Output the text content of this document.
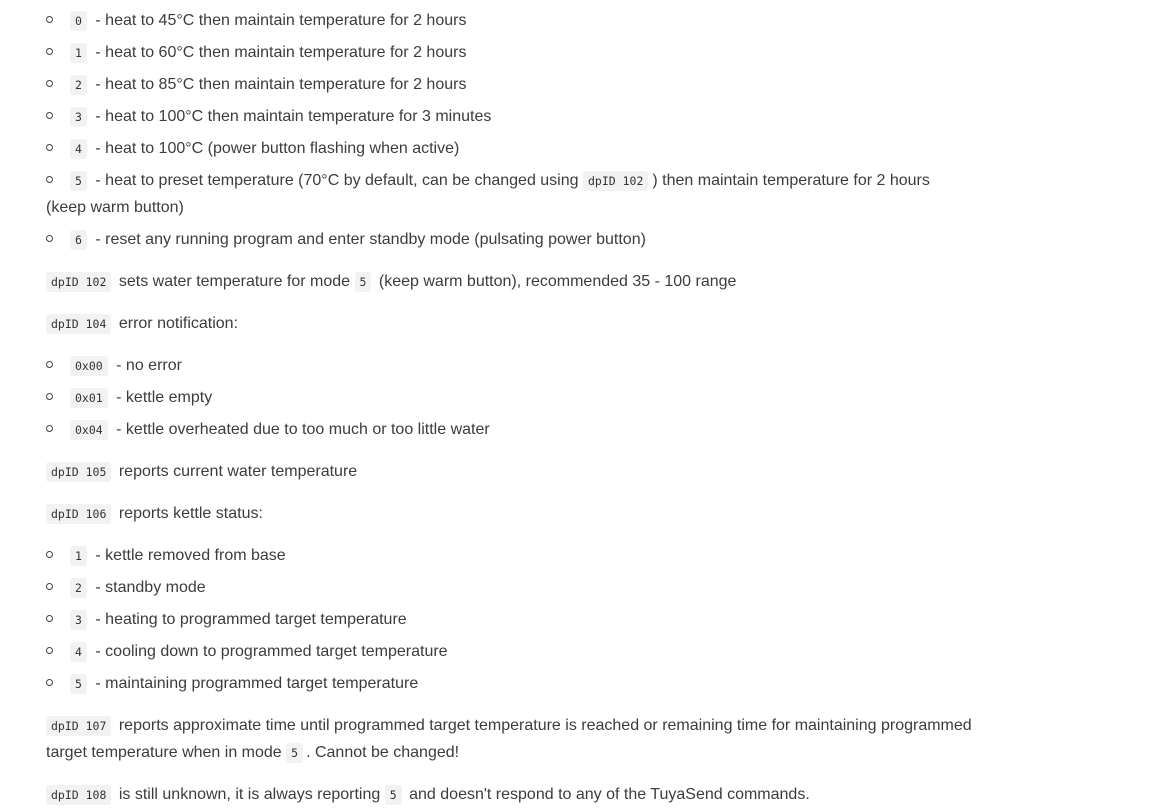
0 - heat to 45°C then maintain temperature for 2 hours
1 - heat to 60°C then maintain temperature for 2 hours
2 - heat to 85°C then maintain temperature for 2 hours
3 - heat to 100°C then maintain temperature for 3 minutes
4 - heat to 100°C (power button flashing when active)
5 - heat to preset temperature (70°C by default, can be changed using dpID 102 ) then maintain temperature for 2 hours
(keep warm button)
6 - reset any running program and enter standby mode (pulsating power button)
dpID 102 sets water temperature for mode 5 (keep warm button), recommended 35 - 100 range
dpID 104 error notification:
0x00 - no error
0x01 - kettle empty
0x04 - kettle overheated due to too much or too little water
dpID 105 reports current water temperature
dpID 106 reports kettle status:
1 - kettle removed from base
2 - standby mode
3 - heating to programmed target temperature
4 - cooling down to programmed target temperature
5 - maintaining programmed target temperature
dpID 107 reports approximate time until programmed target temperature is reached or remaining time for maintaining programmed
target temperature when in mode 5 . Cannot be changed!
dpID 108 is still unknown, it is always reporting 5 and doesn't respond to any of the TuyaSend commands.
